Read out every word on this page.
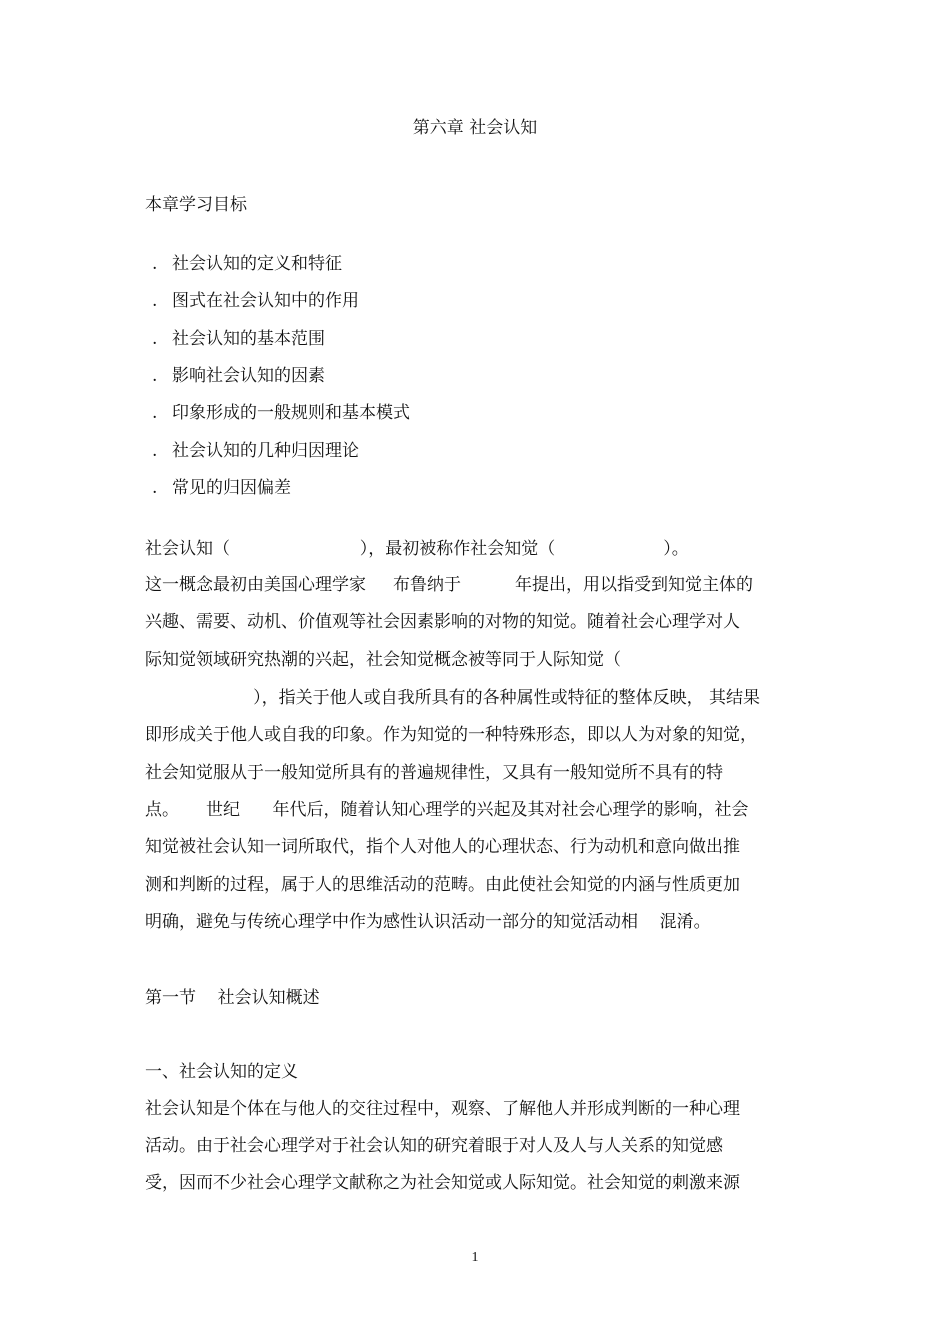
第六章 社会认知
本章学习目标
. 社会认知的定义和特征
. 图式在社会认知中的作用
. 社会认知的基本范围
. 影响社会认知的因素
. 印象形成的一般规则和基本模式
. 社会认知的几种归因理论
. 常见的归因偏差
社会认知（                        ），最初被称作社会知觉（                    ）。
这一概念最初由美国心理学家     布鲁纳于          年提出，用以指受到知觉主体的
兴趣、需要、动机、价值观等社会因素影响的对物的知觉。随着社会心理学对人
际知觉领域研究热潮的兴起，社会知觉概念被等同于人际知觉（
），指关于他人或自我所具有的各种属性或特征的整体反映， 其结果
即形成关于他人或自我的印象。作为知觉的一种特殊形态，即以人为对象的知觉，
社会知觉服从于一般知觉所具有的普遍规律性，又具有一般知觉所不具有的特
点。     世纪      年代后，随着认知心理学的兴起及其对社会心理学的影响，社会
知觉被社会认知一词所取代，指个人对他人的心理状态、行为动机和意向做出推
测和判断的过程，属于人的思维活动的范畴。由此使社会知觉的内涵与性质更加
明确，避免与传统心理学中作为感性认识活动一部分的知觉活动相    混淆。
第一节    社会认知概述
一、社会认知的定义
社会认知是个体在与他人的交往过程中，观察、了解他人并形成判断的一种心理
活动。由于社会心理学对于社会认知的研究着眼于对人及人与人关系的知觉感
受，因而不少社会心理学文献称之为社会知觉或人际知觉。社会知觉的刺激来源
1
